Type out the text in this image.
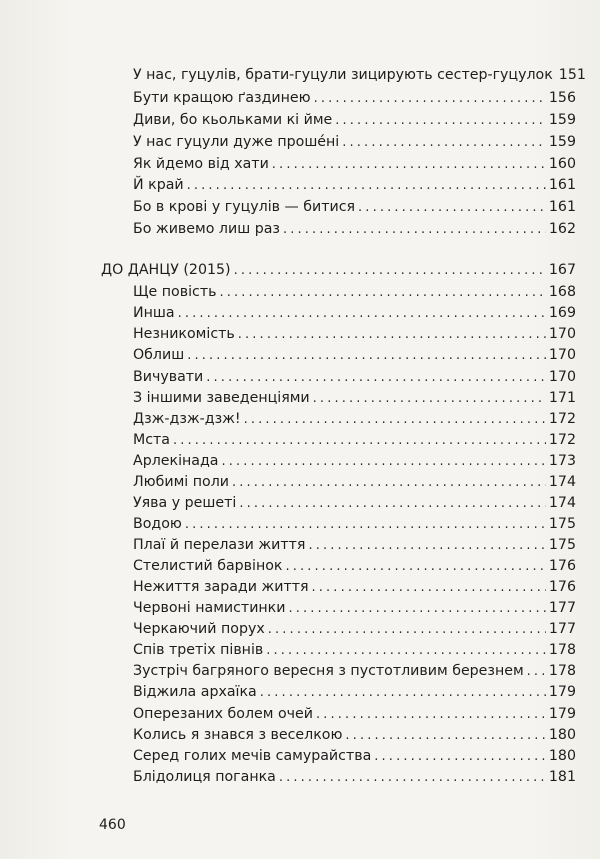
У нас, гуцулів, брати-гуцули зицирують сестер-гуцулок 151
Бути кращою ґаздинею . . .	156
Диви, бо кьольками кі йме . . .	159
У нас гуцули дуже прошéні . . .	159
Як йдемо від хати . . .	160
Й край . . .	161
Бо в крові у гуцулів — битися . . .	161
Бо живемо лиш раз . . .	162
ДО ДАНЦУ (2015) . . .	167
Ще повість . . .	168
Инша . . .	169
Незникомість . . .	170
Облиш . . .	170
Вичувати . . .	170
З іншими заведенціями . . .	171
Дзж-дзж-дзж! . . .	172
Мста . . .	172
Арлекінада . . .	173
Любимі поли . . .	174
Уява у решеті . . .	174
Водою . . .	175
Плаї й перелази життя . . .	175
Стелистий барвінок . . .	176
Нежиття заради життя . . .	176
Червоні намистинки . . .	177
Черкаючий порух . . .	177
Спів третіх півнів . . .	178
Зустріч багряного вересня з пустотливим березнем . . . 178
Віджила архаїка . . .	179
Оперезаних болем очей . . .	179
Колись я знався з веселкою . . .	180
Серед голих мечів самурайства . . .	180
Блідолиця поганка . . .	181
460
